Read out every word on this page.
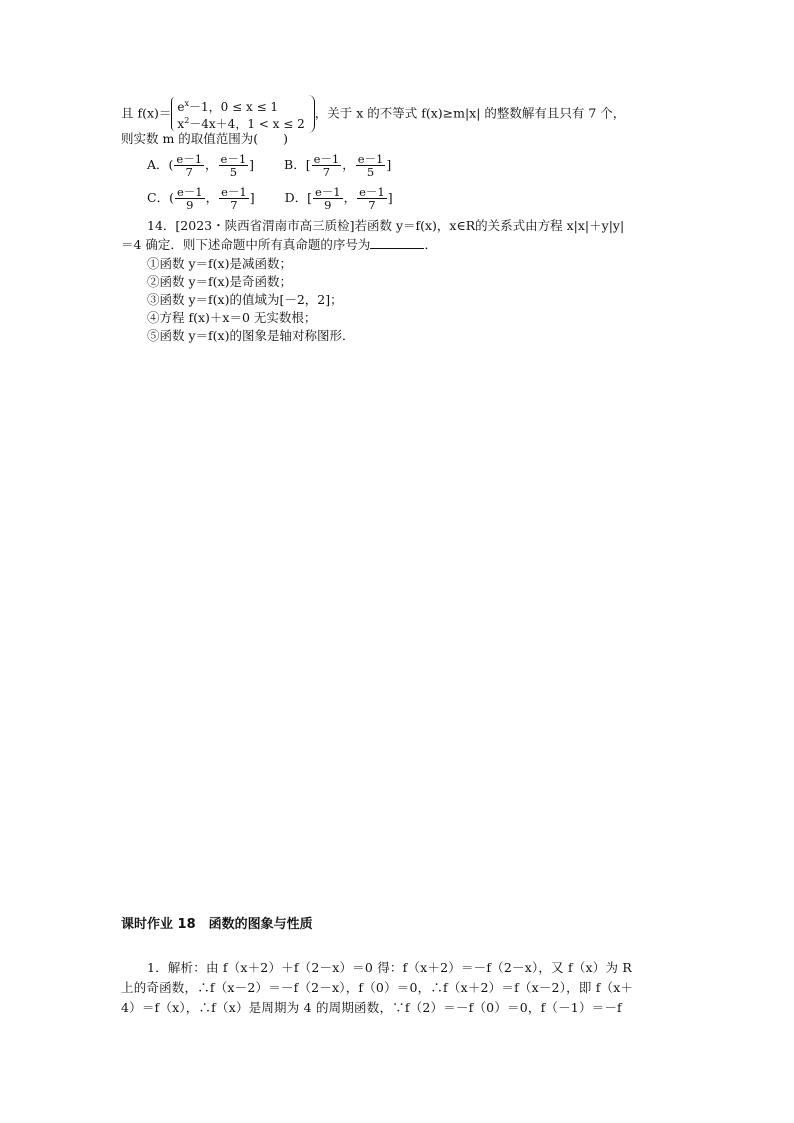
且 $f(x)= e^x-1$，0 ≤ x ≤ 1
$x^2-4x+4$，1 < x ≤ 2
，关于 x 的不等式 f(x)≥m|x| 的整数解有且只有 7 个，
则实数 m 的取值范围为(　　)
A．( $\frac{e-1}{7}$ ， $\frac{e-1}{5}$ ] B．[ $\frac{e-1}{7}$ ， $\frac{e-1}{5}$ ]
C．( $\frac{e-1}{9}$ ， $\frac{e-1}{7}$ ] D．[ $\frac{e-1}{9}$ ， $\frac{e-1}{7}$ ]
14．[2023・陕西省渭南市高三质检]若函数 y＝f(x)，x∈R的关系式由方程 x|x|＋y|y|
＝4 确定．则下述命题中所有真命题的序号为	．
①函数 y＝f(x)是减函数；
②函数 y＝f(x)是奇函数；
③函数 y＝f(x)的值域为[－2，2]；
④方程 f(x)＋x＝0 无实数根；
⑤函数 y＝f(x)的图象是轴对称图形．
课时作业 18　函数的图象与性质
1．解析：由 f（x＋2）＋f（2－x）＝0 得：f（x＋2）＝－f（2－x），又 f（x）为 R
上的奇函数，∴f（x－2）＝－f（2－x），f（0）＝0，∴f（x＋2）＝f（x－2），即 f（x＋
4）＝f（x），∴f（x）是周期为 4 的周期函数，∵f（2）＝－f（0）＝0，f（－1）＝－f
